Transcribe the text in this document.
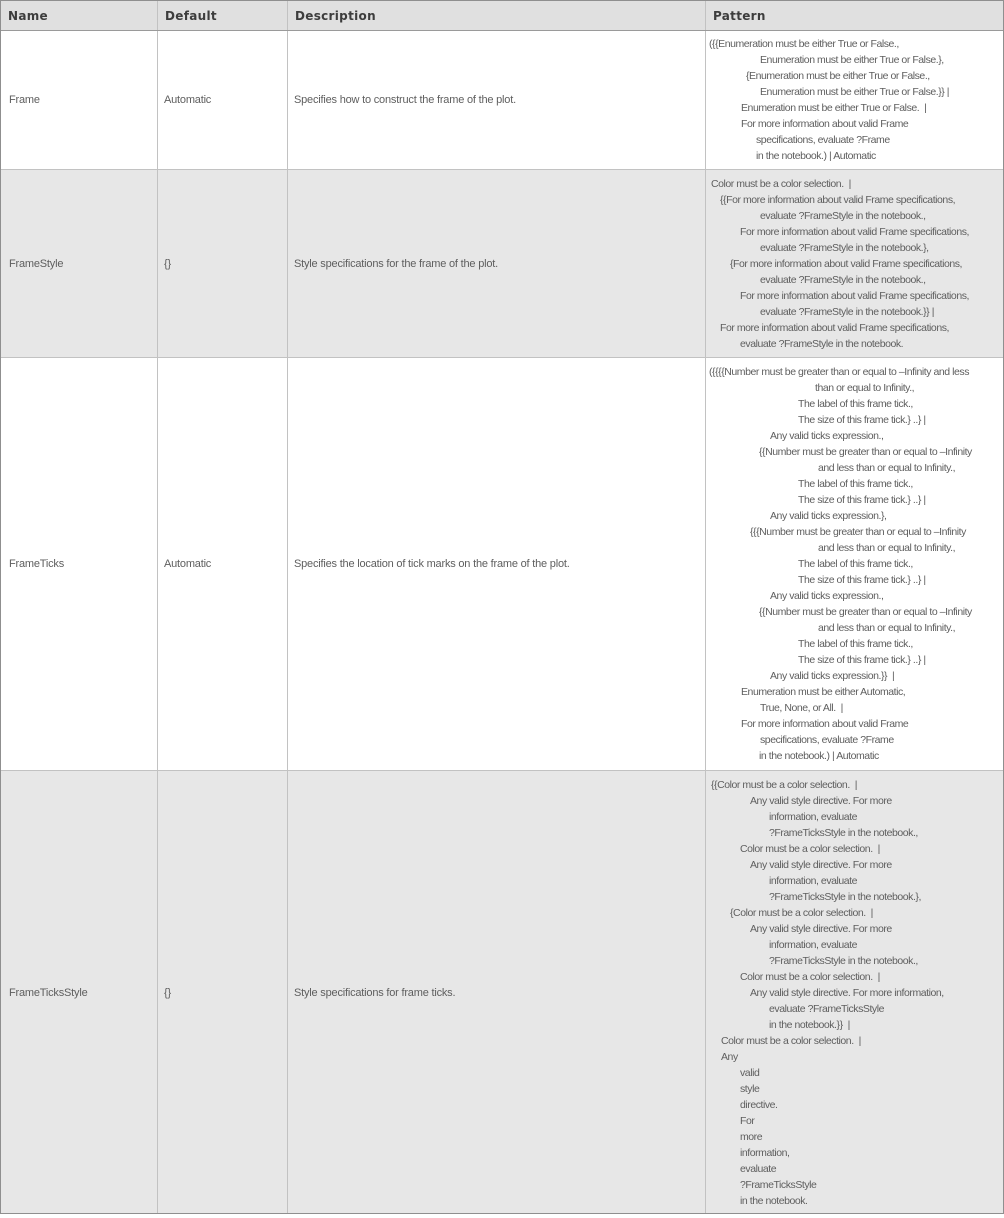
Name	Default	Description	Pattern
Frame	Automatic	Specifies how to construct the frame of the plot.
({{Enumeration must be either True or False.,
Enumeration must be either True or False.},
{Enumeration must be either True or False.,
Enumeration must be either True or False.}} |
Enumeration must be either True or False.  |
For more information about valid Frame
specifications, evaluate ?Frame
in the notebook.) | Automatic
FrameStyle	{}	Style specifications for the frame of the plot.
Color must be a color selection.  |
{{For more information about valid Frame specifications,
evaluate ?FrameStyle in the notebook.,
For more information about valid Frame specifications,
evaluate ?FrameStyle in the notebook.},
{For more information about valid Frame specifications,
evaluate ?FrameStyle in the notebook.,
For more information about valid Frame specifications,
evaluate ?FrameStyle in the notebook.}} |
For more information about valid Frame specifications,
evaluate ?FrameStyle in the notebook.
FrameTicks	Automatic	Specifies the location of tick marks on the frame of the plot.
({{{{Number must be greater than or equal to –Infinity and less
than or equal to Infinity.,
The label of this frame tick.,
The size of this frame tick.} ..} |
Any valid ticks expression.,
{{Number must be greater than or equal to –Infinity
and less than or equal to Infinity.,
The label of this frame tick.,
The size of this frame tick.} ..} |
Any valid ticks expression.},
{{{Number must be greater than or equal to –Infinity
and less than or equal to Infinity.,
The label of this frame tick.,
The size of this frame tick.} ..} |
Any valid ticks expression.,
{{Number must be greater than or equal to –Infinity
and less than or equal to Infinity.,
The label of this frame tick.,
The size of this frame tick.} ..} |
Any valid ticks expression.}}  |
Enumeration must be either Automatic,
True, None, or All.  |
For more information about valid Frame
specifications, evaluate ?Frame
in the notebook.) | Automatic
FrameTicksStyle	{}	Style specifications for frame ticks.
{{Color must be a color selection.  |
Any valid style directive. For more
information, evaluate
?FrameTicksStyle in the notebook.,
Color must be a color selection.  |
Any valid style directive. For more
information, evaluate
?FrameTicksStyle in the notebook.},
{Color must be a color selection.  |
Any valid style directive. For more
information, evaluate
?FrameTicksStyle in the notebook.,
Color must be a color selection.  |
Any valid style directive. For more information,
evaluate ?FrameTicksStyle
in the notebook.}}  |
Color must be a color selection.  |
Any
valid
style
directive.
For
more
information,
evaluate
?FrameTicksStyle
in the notebook.
